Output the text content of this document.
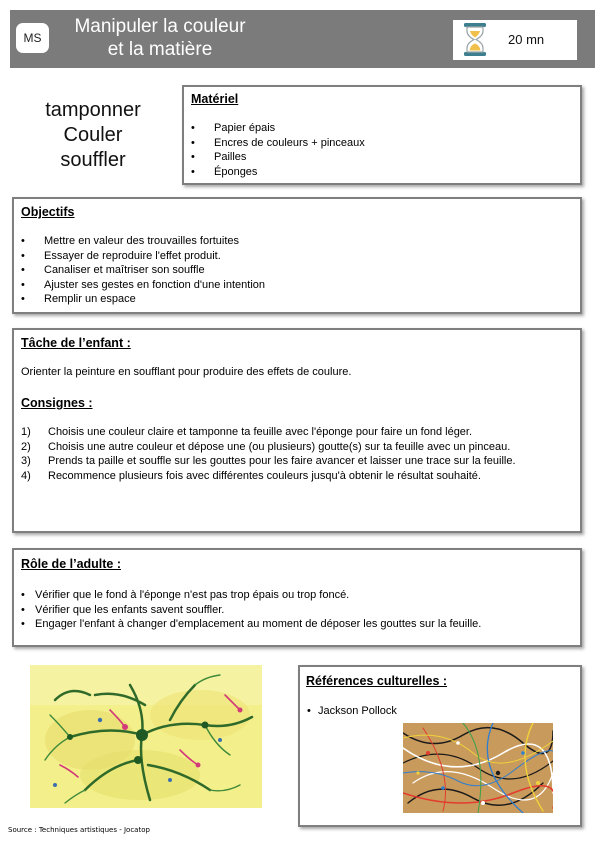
MS
Manipuler la couleur
et la matière	20 mn
tamponner
Couler
souffler
Matériel
• Papier épais
• Encres de couleurs + pinceaux
• Pailles
• Éponges
Objectifs
• Mettre en valeur des trouvailles fortuites
• Essayer de reproduire l'effet produit.
• Canaliser et maîtriser son souffle
• Ajuster ses gestes en fonction d'une intention
• Remplir un espace
Tâche de l’enfant :
Orienter la peinture en soufflant pour produire des effets de coulure.
Consignes :
1) Choisis une couleur claire et tamponne ta feuille avec l'éponge pour faire un fond léger.
2) Choisis une autre couleur et dépose une (ou plusieurs) goutte(s) sur ta feuille avec un pinceau.
3) Prends ta paille et souffle sur les gouttes pour les faire avancer et laisser une trace sur la feuille.
4) Recommence plusieurs fois avec différentes couleurs jusqu'à obtenir le résultat souhaité.
Rôle de l’adulte :
• Vérifier que le fond à l'éponge n'est pas trop épais ou trop foncé.
• Vérifier que les enfants savent souffler.
• Engager l'enfant à changer d'emplacement au moment de déposer les gouttes sur la feuille.
Références culturelles :
• Jackson Pollock
Source : Techniques artistiques - Jocatop
